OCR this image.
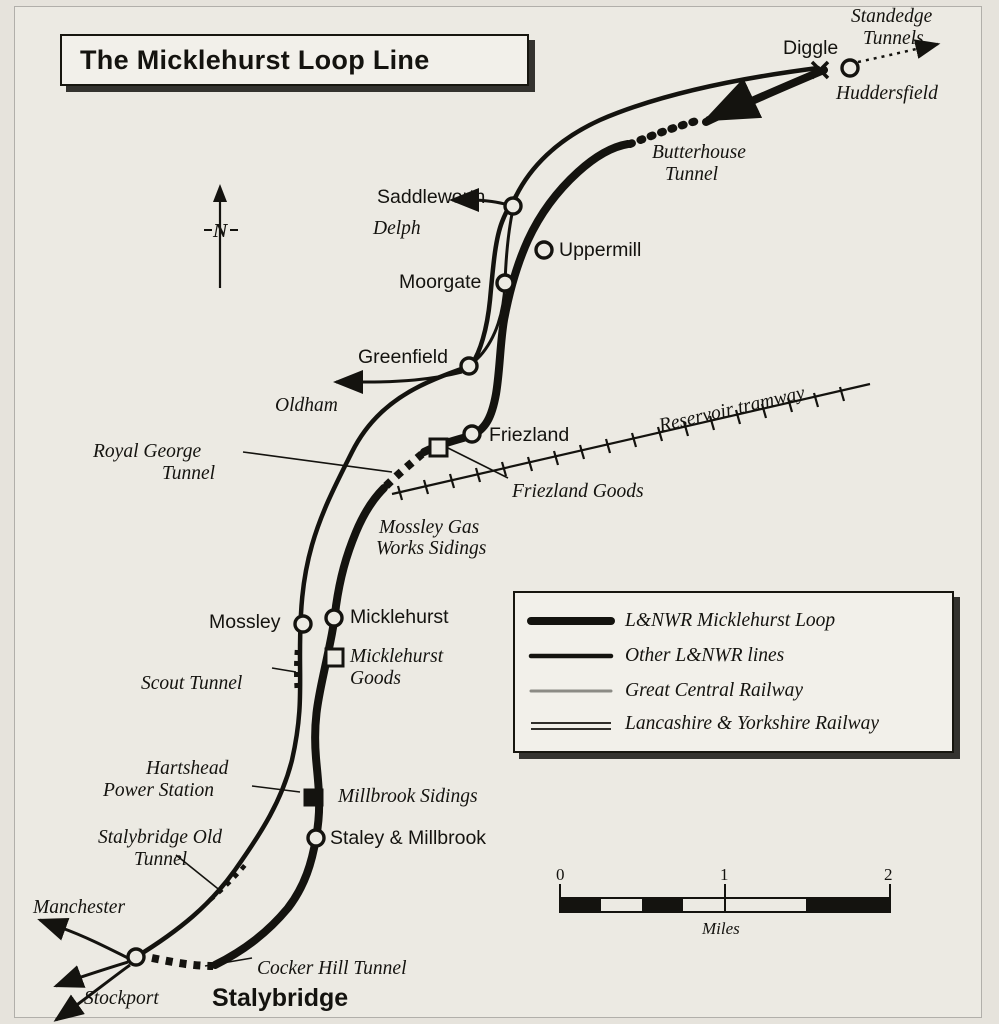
The Micklehurst Loop Line
N
Standedge
Tunnels
Diggle
Huddersfield
Butterhouse
Tunnel
Saddleworth
Delph
Uppermill
Moorgate
Greenfield
Oldham
Royal George
Tunnel
Friezland	Reservoir tramway
Friezland Goods
Mossley Gas
Works Sidings
Mossley	Micklehurst
Micklehurst
Goods
Scout Tunnel
Hartshead
Power Station	Millbrook Sidings
Stalybridge Old
Tunnel
Staley & Millbrook
Manchester
Cocker Hill Tunnel
Stockport Stalybridge
L&NWR Micklehurst Loop
Other L&NWR lines
Great Central Railway
Lancashire & Yorkshire Railway
0	1	2
Miles
